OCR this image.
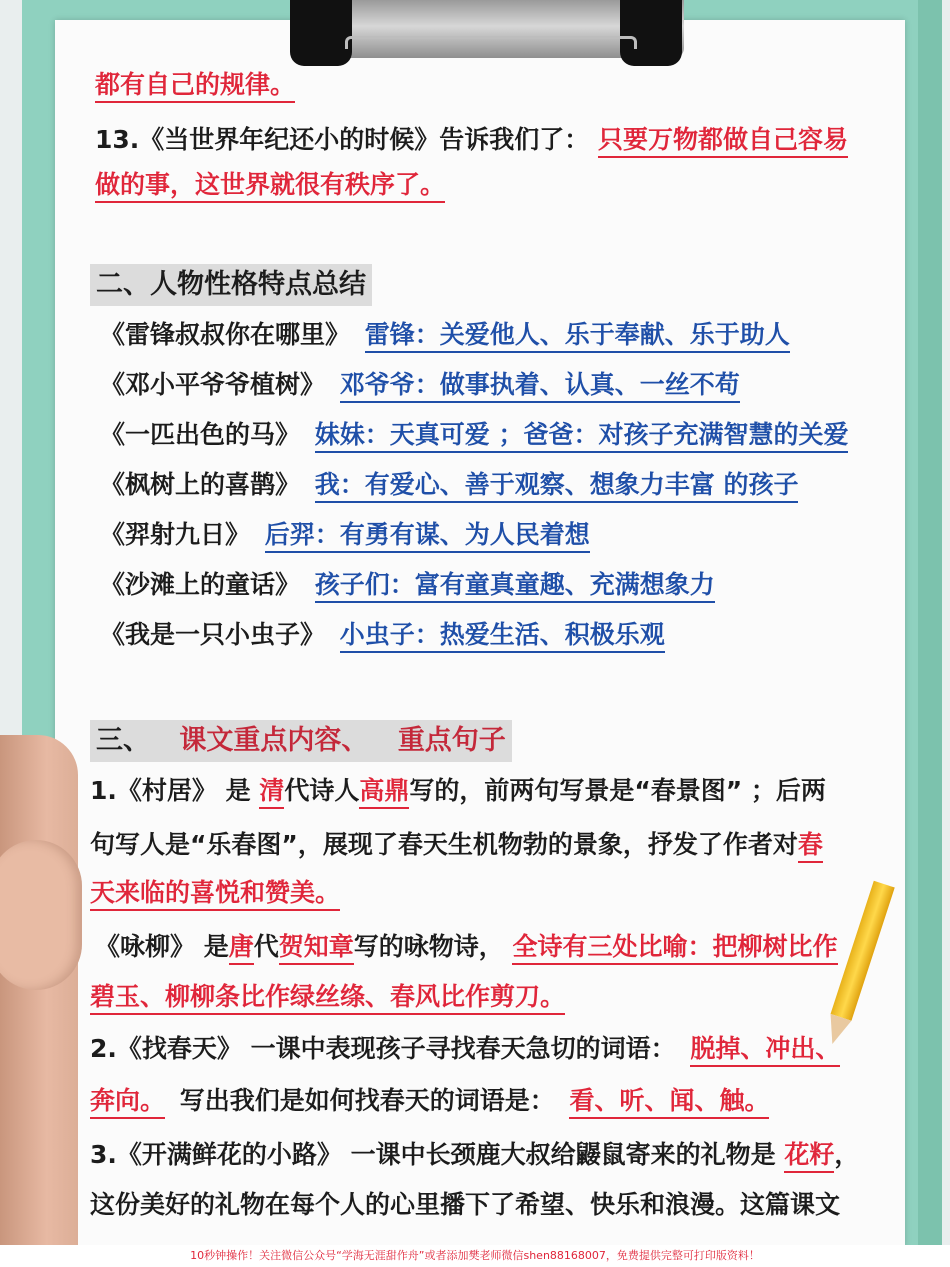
都有自己的规律。
13.《当世界年纪还小的时候》告诉我们了： 只要万物都做自己容易
做的事，这世界就很有秩序了。
二、人物性格特点总结
《雷锋叔叔你在哪里》 雷锋：关爱他人、乐于奉献、乐于助人
《邓小平爷爷植树》 邓爷爷：做事执着、认真、一丝不苟
《一匹出色的马》 妹妹：天真可爱 ；爸爸：对孩子充满智慧的关爱
《枫树上的喜鹊》 我：有爱心、善于观察、想象力丰富 的孩子
《羿射九日》 后羿：有勇有谋、为人民着想
《沙滩上的童话》 孩子们：富有童真童趣、充满想象力
《我是一只小虫子》 小虫子：热爱生活、积极乐观
三、 课文重点内容、 重点句子
1.《村居》 是 清代诗人高鼎写的，前两句写景是“春景图” ；后两
句写人是“乐春图”，展现了春天生机物勃的景象，抒发了作者对春
天来临的喜悦和赞美。
《咏柳》 是唐代贺知章写的咏物诗， 全诗有三处比喻：把柳树比作
碧玉、柳柳条比作绿丝绦、春风比作剪刀。
2.《找春天》 一课中表现孩子寻找春天急切的词语： 脱掉、冲出、
奔向。 写出我们是如何找春天的词语是： 看、听、闻、触。
3.《开满鲜花的小路》 一课中长颈鹿大叔给鼹鼠寄来的礼物是 花籽，
这份美好的礼物在每个人的心里播下了希望、快乐和浪漫。这篇课文
10秒钟操作！关注微信公众号“学海无涯甜作舟”或者添加樊老师微信shen88168007，免费提供完整可打印版资料！
